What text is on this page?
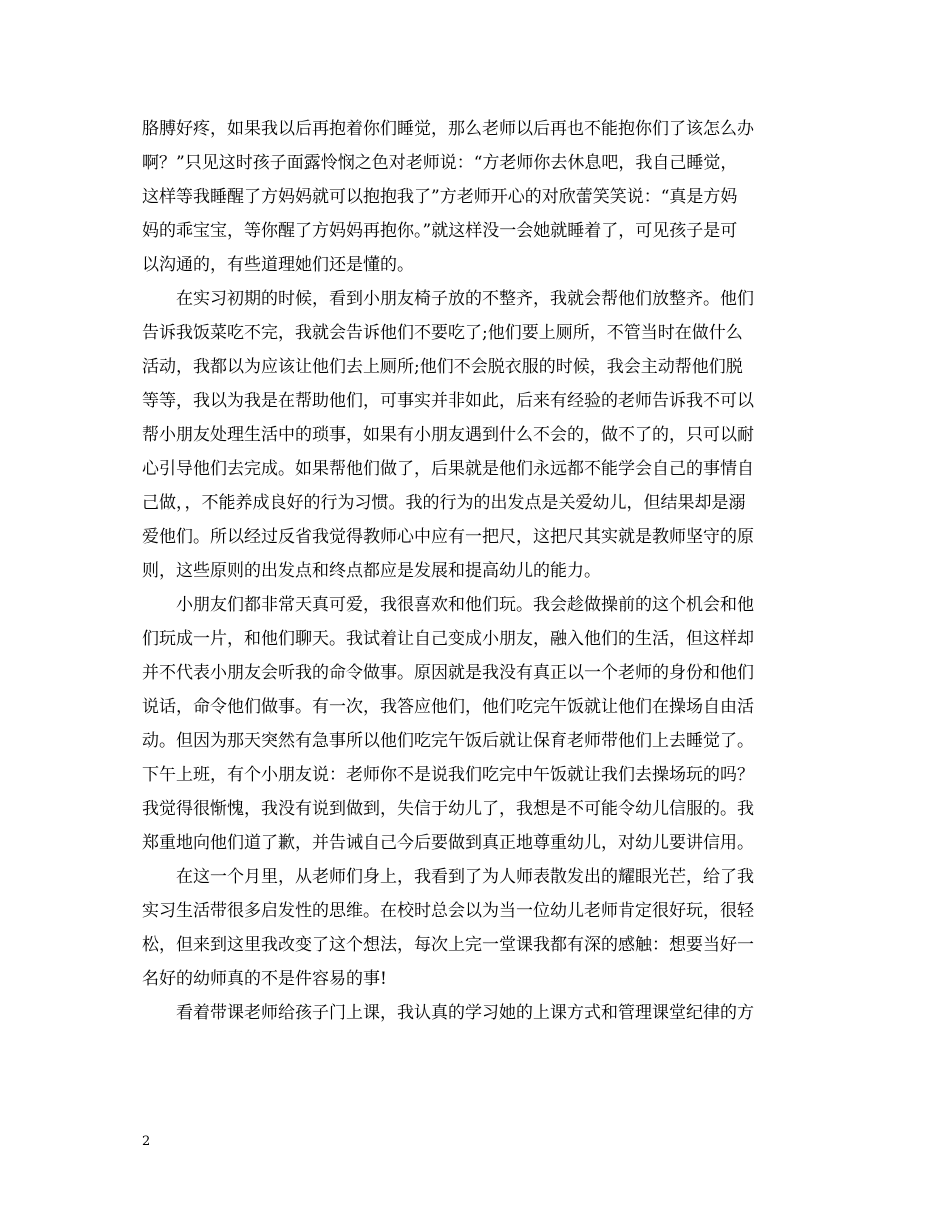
胳膊好疼，如果我以后再抱着你们睡觉，那么老师以后再也不能抱你们了该怎么办
啊？”只见这时孩子面露怜悯之色对老师说：“方老师你去休息吧，我自己睡觉，
这样等我睡醒了方妈妈就可以抱抱我了”方老师开心的对欣蕾笑笑说：“真是方妈
妈的乖宝宝，等你醒了方妈妈再抱你。”就这样没一会她就睡着了，可见孩子是可
以沟通的，有些道理她们还是懂的。
在实习初期的时候，看到小朋友椅子放的不整齐，我就会帮他们放整齐。他们
告诉我饭菜吃不完，我就会告诉他们不要吃了;他们要上厕所，不管当时在做什么
活动，我都以为应该让他们去上厕所;他们不会脱衣服的时候，我会主动帮他们脱
等等，我以为我是在帮助他们，可事实并非如此，后来有经验的老师告诉我不可以
帮小朋友处理生活中的琐事，如果有小朋友遇到什么不会的，做不了的，只可以耐
心引导他们去完成。如果帮他们做了，后果就是他们永远都不能学会自己的事情自
己做，，不能养成良好的行为习惯。我的行为的出发点是关爱幼儿，但结果却是溺
爱他们。所以经过反省我觉得教师心中应有一把尺，这把尺其实就是教师坚守的原
则，这些原则的出发点和终点都应是发展和提高幼儿的能力。
小朋友们都非常天真可爱，我很喜欢和他们玩。我会趁做操前的这个机会和他
们玩成一片，和他们聊天。我试着让自己变成小朋友，融入他们的生活，但这样却
并不代表小朋友会听我的命令做事。原因就是我没有真正以一个老师的身份和他们
说话，命令他们做事。有一次，我答应他们，他们吃完午饭就让他们在操场自由活
动。但因为那天突然有急事所以他们吃完午饭后就让保育老师带他们上去睡觉了。
下午上班，有个小朋友说：老师你不是说我们吃完中午饭就让我们去操场玩的吗？
我觉得很惭愧，我没有说到做到，失信于幼儿了，我想是不可能令幼儿信服的。我
郑重地向他们道了歉，并告诫自己今后要做到真正地尊重幼儿，对幼儿要讲信用。
在这一个月里，从老师们身上，我看到了为人师表散发出的耀眼光芒，给了我
实习生活带很多启发性的思维。在校时总会以为当一位幼儿老师肯定很好玩，很轻
松，但来到这里我改变了这个想法，每次上完一堂课我都有深的感触：想要当好一
名好的幼师真的不是件容易的事!
看着带课老师给孩子门上课，我认真的学习她的上课方式和管理课堂纪律的方
2
